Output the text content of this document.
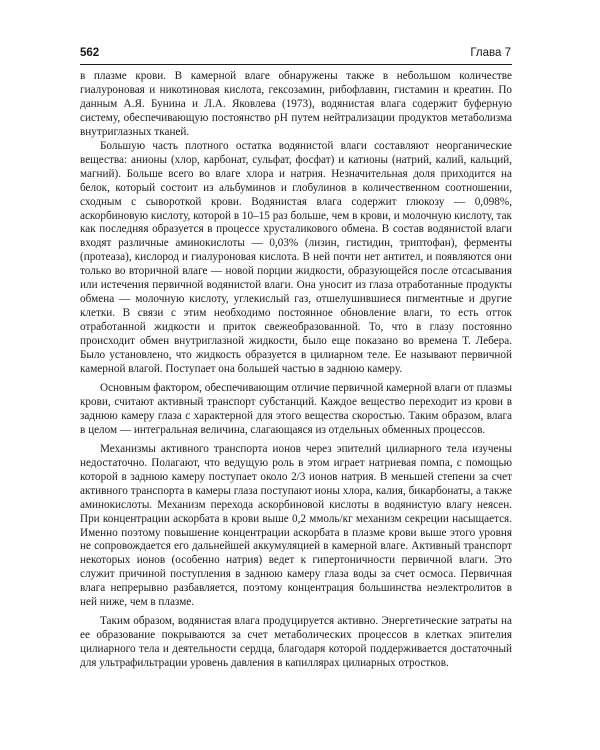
562	Глава 7

в плазме крови. В камерной влаге обнаружены также в небольшом количестве гиалуроновая и никотиновая кислота, гексозамин, рибофлавин, гистамин и креатин. По данным А.Я. Бунина и Л.А. Яковлева (1973), водянистая влага содержит буферную систему, обеспечивающую постоянство pH путем нейтрализации продуктов метаболизма внутриглазных тканей.

Большую часть плотного остатка водянистой влаги составляют неорганические вещества: анионы (хлор, карбонат, сульфат, фосфат) и катионы (натрий, калий, кальций, магний). Больше всего во влаге хлора и натрия. Незначительная доля приходится на белок, который состоит из альбуминов и глобулинов в количественном соотношении, сходным с сывороткой крови. Водянистая влага содержит глюкозу — 0,098%, аскорбиновую кислоту, которой в 10–15 раз больше, чем в крови, и молочную кислоту, так как последняя образуется в процессе хрусталикового обмена. В состав водянистой влаги входят различные аминокислоты — 0,03% (лизин, гистидин, триптофан), ферменты (протеаза), кислород и гиалуроновая кислота. В ней почти нет антител, и появляются они только во вторичной влаге — новой порции жидкости, образующейся после отсасывания или истечения первичной водянистой влаги. Она уносит из глаза отработанные продукты обмена — молочную кислоту, углекислый газ, отшелушившиеся пигментные и другие клетки. В связи с этим необходимо постоянное обновление влаги, то есть отток отработанной жидкости и приток свежеобразованной. То, что в глазу постоянно происходит обмен внутриглазной жидкости, было еще показано во времена Т. Лебера. Было установлено, что жидкость образуется в цилиарном теле. Ее называют первичной камерной влагой. Поступает она большей частью в заднюю камеру.

Основным фактором, обеспечивающим отличие первичной камерной влаги от плазмы крови, считают активный транспорт субстанций. Каждое вещество переходит из крови в заднюю камеру глаза с характерной для этого вещества скоростью. Таким образом, влага в целом — интегральная величина, слагающаяся из отдельных обменных процессов.

Механизмы активного транспорта ионов через эпителий цилиарного тела изучены недостаточно. Полагают, что ведущую роль в этом играет натриевая помпа, с помощью которой в заднюю камеру поступает около 2/3 ионов натрия. В меньшей степени за счет активного транспорта в камеры глаза поступают ионы хлора, калия, бикарбонаты, а также аминокислоты. Механизм перехода аскорбиновой кислоты в водянистую влагу неясен. При концентрации аскорбата в крови выше 0,2 ммоль/кг механизм секреции насыщается. Именно поэтому повышение концентрации аскорбата в плазме крови выше этого уровня не сопровождается его дальнейшей аккумуляцией в камерной влаге. Активный транспорт некоторых ионов (особенно натрия) ведет к гипертоничности первичной влаги. Это служит причиной поступления в заднюю камеру глаза воды за счет осмоса. Первичная влага непрерывно разбавляется, поэтому концентрация большинства неэлектролитов в ней ниже, чем в плазме.

Таким образом, водянистая влага продуцируется активно. Энергетические затраты на ее образование покрываются за счет метаболических процессов в клетках эпителия цилиарного тела и деятельности сердца, благодаря которой поддерживается достаточный для ультрафильтрации уровень давления в капиллярах цилиарных отростков.
